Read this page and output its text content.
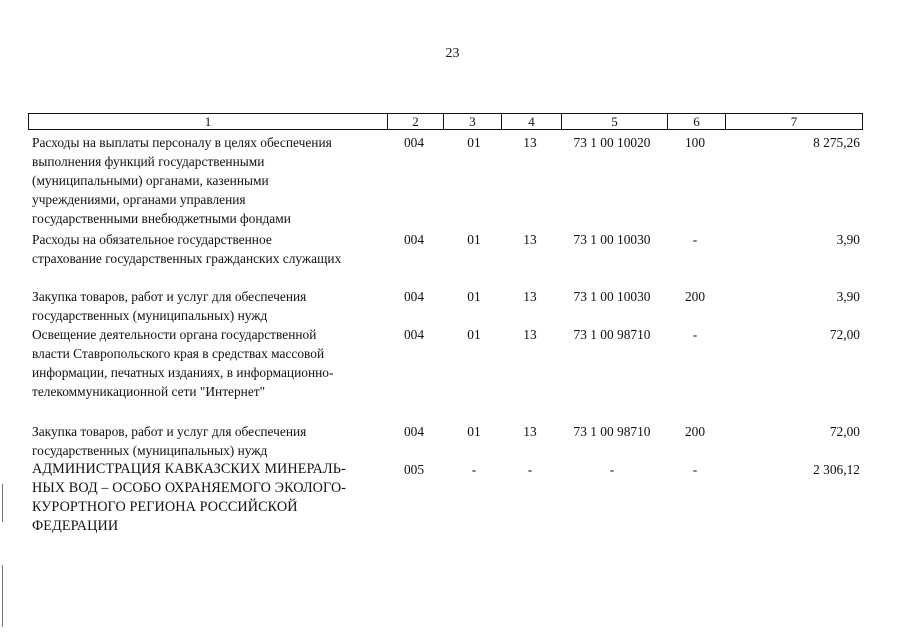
23
1	2	3	4	5	6	7
Расходы на выплаты персоналу в целях обеспечения
выполнения функций государственными
(муниципальными) органами, казенными
учреждениями, органами управления
государственными внебюджетными фондами
004	01	13	73 1 00 10020	100	8 275,26
Расходы на обязательное государственное
страхование государственных гражданских служащих
004	01	13	73 1 00 10030	-	3,90
Закупка товаров, работ и услуг для обеспечения
государственных (муниципальных) нужд
004	01	13	73 1 00 10030	200	3,90
Освещение деятельности органа государственной
власти Ставропольского края в средствах массовой
информации, печатных изданиях, в информационно-
телекоммуникационной сети "Интернет"
004	01	13	73 1 00 98710	-	72,00
Закупка товаров, работ и услуг для обеспечения
государственных (муниципальных) нужд
004	01	13	73 1 00 98710	200	72,00
АДМИНИСТРАЦИЯ КАВКАЗСКИХ МИНЕРАЛЬ-
НЫХ ВОД – ОСОБО ОХРАНЯЕМОГО ЭКОЛОГО-
КУРОРТНОГО РЕГИОНА РОССИЙСКОЙ
ФЕДЕРАЦИИ
005	-	-	-	-	2 306,12
